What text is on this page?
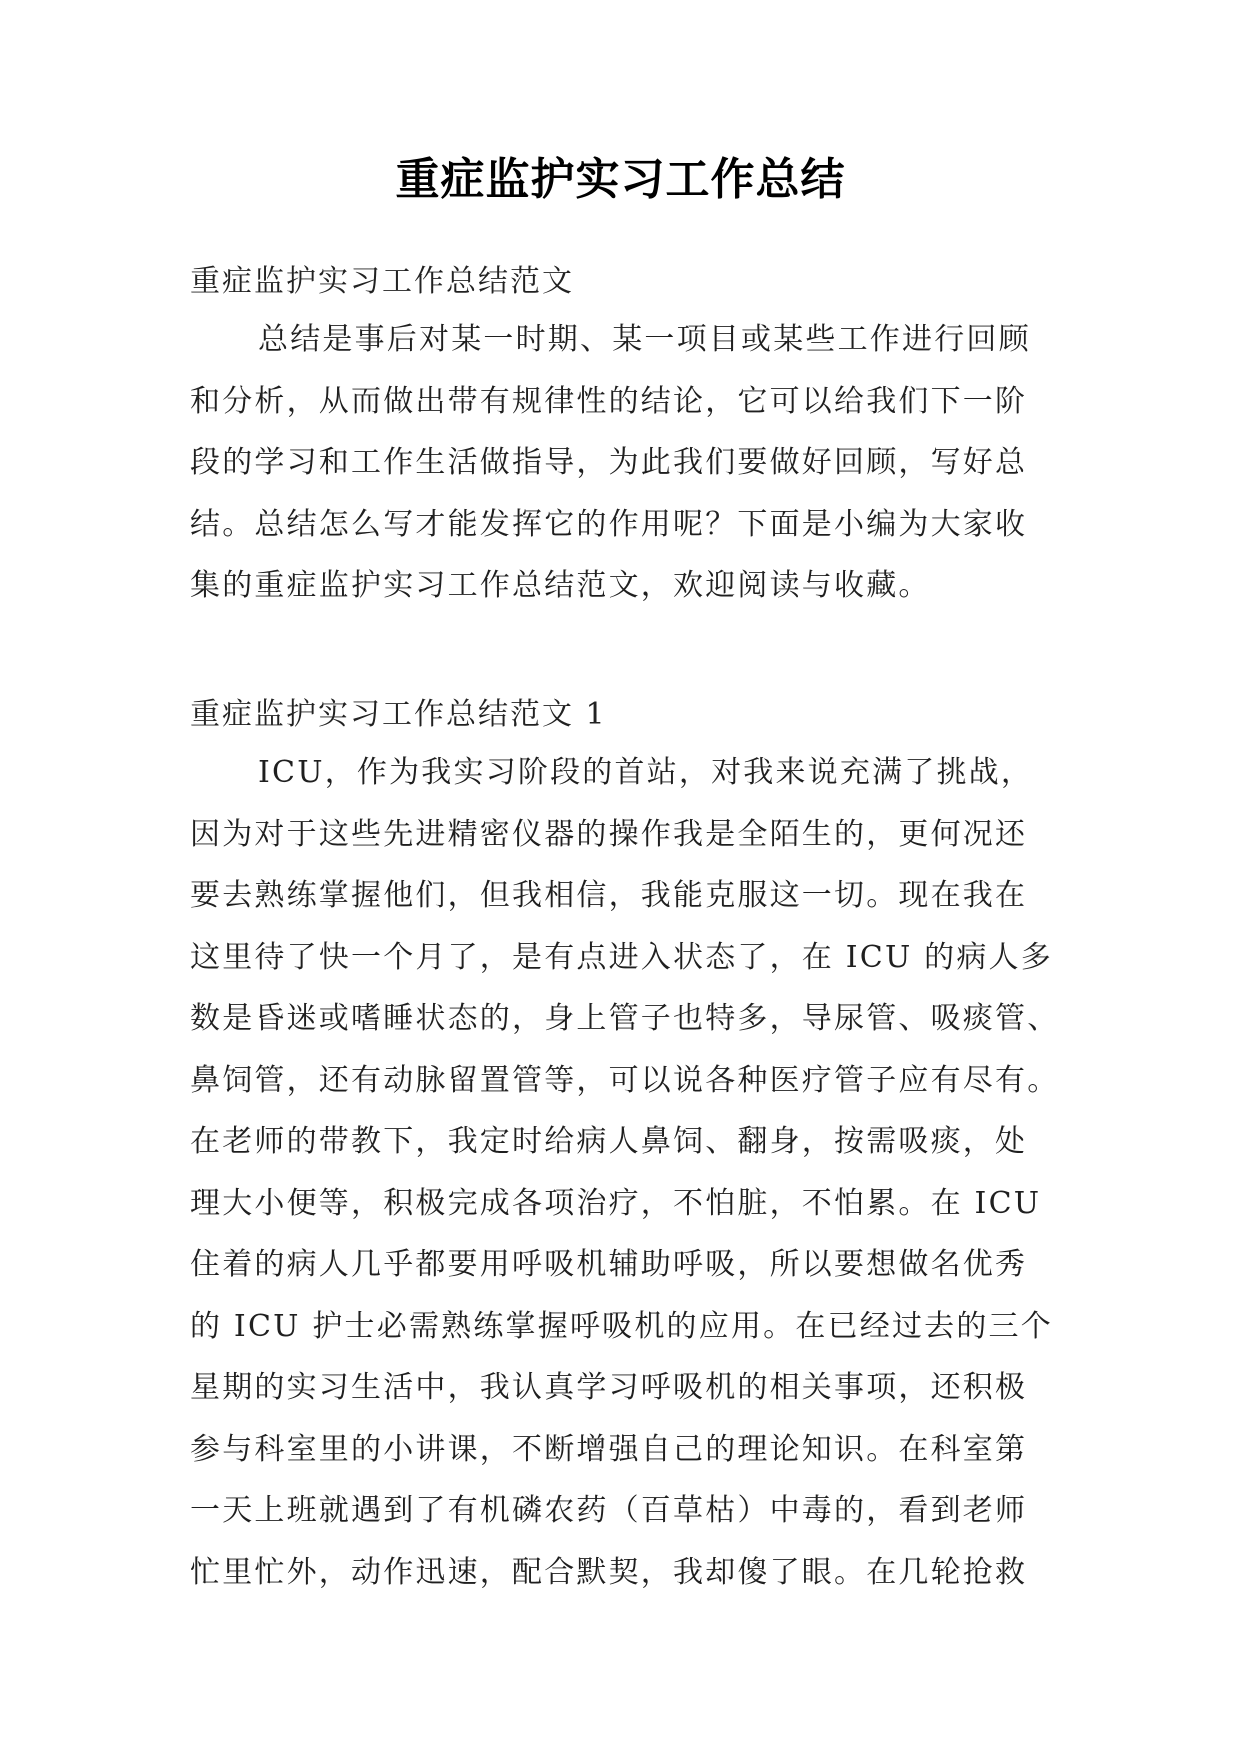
重症监护实习工作总结

重症监护实习工作总结范文

总结是事后对某一时期、某一项目或某些工作进行回顾
和分析，从而做出带有规律性的结论，它可以给我们下一阶
段的学习和工作生活做指导，为此我们要做好回顾，写好总
结。总结怎么写才能发挥它的作用呢？下面是小编为大家收
集的重症监护实习工作总结范文，欢迎阅读与收藏。

重症监护实习工作总结范文 1

ICU，作为我实习阶段的首站，对我来说充满了挑战，
因为对于这些先进精密仪器的操作我是全陌生的，更何况还
要去熟练掌握他们，但我相信，我能克服这一切。现在我在
这里待了快一个月了，是有点进入状态了，在 ICU 的病人多
数是昏迷或嗜睡状态的，身上管子也特多，导尿管、吸痰管、
鼻饲管，还有动脉留置管等，可以说各种医疗管子应有尽有。
在老师的带教下，我定时给病人鼻饲、翻身，按需吸痰，处
理大小便等，积极完成各项治疗，不怕脏，不怕累。在 ICU
住着的病人几乎都要用呼吸机辅助呼吸，所以要想做名优秀
的 ICU 护士必需熟练掌握呼吸机的应用。在已经过去的三个
星期的实习生活中，我认真学习呼吸机的相关事项，还积极
参与科室里的小讲课，不断增强自己的理论知识。在科室第
一天上班就遇到了有机磷农药（百草枯）中毒的，看到老师
忙里忙外，动作迅速，配合默契，我却傻了眼。在几轮抢救
